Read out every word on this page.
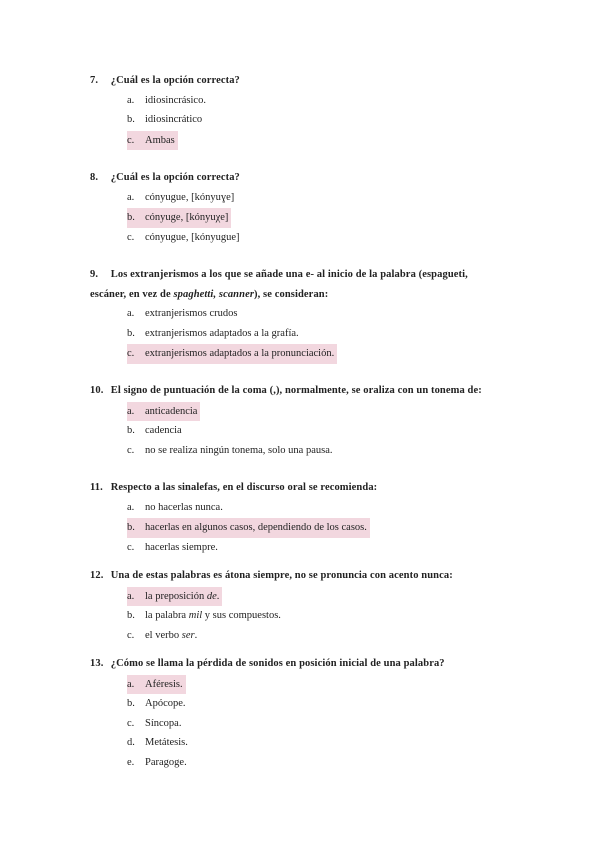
7. ¿Cuál es la opción correcta?
a. idiosincrásico.
b. idiosincrático
c. Ambas
8. ¿Cuál es la opción correcta?
a. cónyugue, [kónyuɣe]
b. cónyuge, [kónyuχe]
c. cónyugue, [kónyugue]
9. Los extranjerismos a los que se añade una e- al inicio de la palabra (espagueti,
escáner, en vez de spaghetti, scanner), se consideran:
a. extranjerismos crudos
b. extranjerismos adaptados a la grafía.
c. extranjerismos adaptados a la pronunciación.
10. El signo de puntuación de la coma (,), normalmente, se oraliza con un tonema de:
a. anticadencia
b. cadencia
c. no se realiza ningún tonema, solo una pausa.
11. Respecto a las sinalefas, en el discurso oral se recomienda:
a. no hacerlas nunca.
b. hacerlas en algunos casos, dependiendo de los casos.
c. hacerlas siempre.
12. Una de estas palabras es átona siempre, no se pronuncia con acento nunca:
a. la preposición de.
b. la palabra mil y sus compuestos.
c. el verbo ser.
13. ¿Cómo se llama la pérdida de sonidos en posición inicial de una palabra?
a. Aféresis.
b. Apócope.
c. Síncopa.
d. Metátesis.
e. Paragoge.
